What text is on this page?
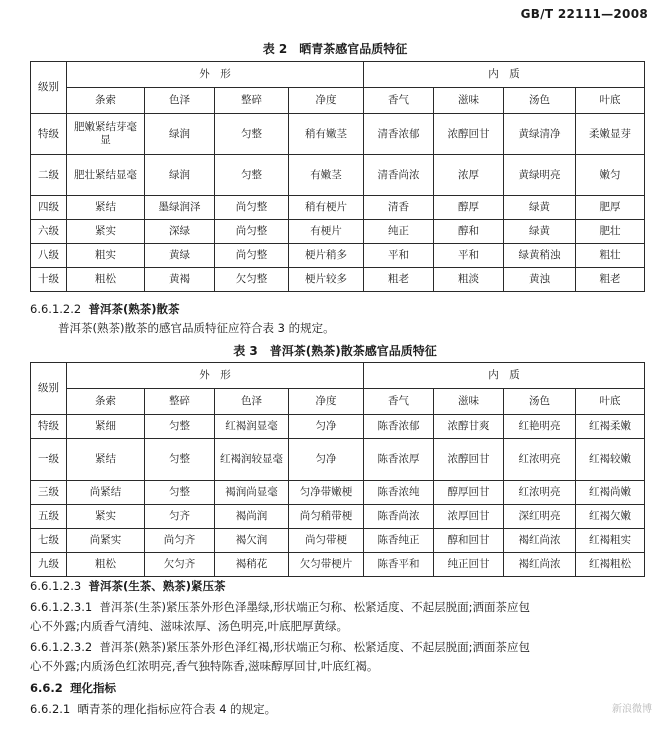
GB/T 22111—2008
表 2　晒青茶感官品质特征
级别	外　形				内　质			
	条索	色泽	整碎	净度	香气	滋味	汤色	叶底
特级	肥嫩紧结芽毫显	绿润	匀整	稍有嫩茎	清香浓郁	浓醇回甘	黄绿清净	柔嫩显芽
二级	肥壮紧结显毫	绿润	匀整	有嫩茎	清香尚浓	浓厚	黄绿明亮	嫩匀
四级	紧结	墨绿润泽	尚匀整	稍有梗片	清香	醇厚	绿黄	肥厚
六级	紧实	深绿	尚匀整	有梗片	纯正	醇和	绿黄	肥壮
八级	粗实	黄绿	尚匀整	梗片稍多	平和	平和	绿黄稍浊	粗壮
十级	粗松	黄褐	欠匀整	梗片较多	粗老	粗淡	黄浊	粗老
6.6.1.2.2 普洱茶(熟茶)散茶
普洱茶(熟茶)散茶的感官品质特征应符合表 3 的规定。
表 3　普洱茶(熟茶)散茶感官品质特征
级别	外　形				内　质			
	条索	整碎	色泽	净度	香气	滋味	汤色	叶底
特级	紧细	匀整	红褐润显毫	匀净	陈香浓郁	浓醇甘爽	红艳明亮	红褐柔嫩
一级	紧结	匀整	红褐润较显毫	匀净	陈香浓厚	浓醇回甘	红浓明亮	红褐较嫩
三级	尚紧结	匀整	褐润尚显毫	匀净带嫩梗	陈香浓纯	醇厚回甘	红浓明亮	红褐尚嫩
五级	紧实	匀齐	褐尚润	尚匀稍带梗	陈香尚浓	浓厚回甘	深红明亮	红褐欠嫩
七级	尚紧实	尚匀齐	褐欠润	尚匀带梗	陈香纯正	醇和回甘	褐红尚浓	红褐粗实
九级	粗松	欠匀齐	褐稍花	欠匀带梗片	陈香平和	纯正回甘	褐红尚浓	红褐粗松
6.6.1.2.3 普洱茶(生茶、熟茶)紧压茶
6.6.1.2.3.1 普洱茶(生茶)紧压茶外形色泽墨绿,形状端正匀称、松紧适度、不起层脱面;洒面茶应包
心不外露;内质香气清纯、滋味浓厚、汤色明亮,叶底肥厚黄绿。
6.6.1.2.3.2 普洱茶(熟茶)紧压茶外形色泽红褐,形状端正匀称、松紧适度、不起层脱面;洒面茶应包
心不外露;内质汤色红浓明亮,香气独特陈香,滋味醇厚回甘,叶底红褐。
6.6.2 理化指标
6.6.2.1 晒青茶的理化指标应符合表 4 的规定。	新浪微博
